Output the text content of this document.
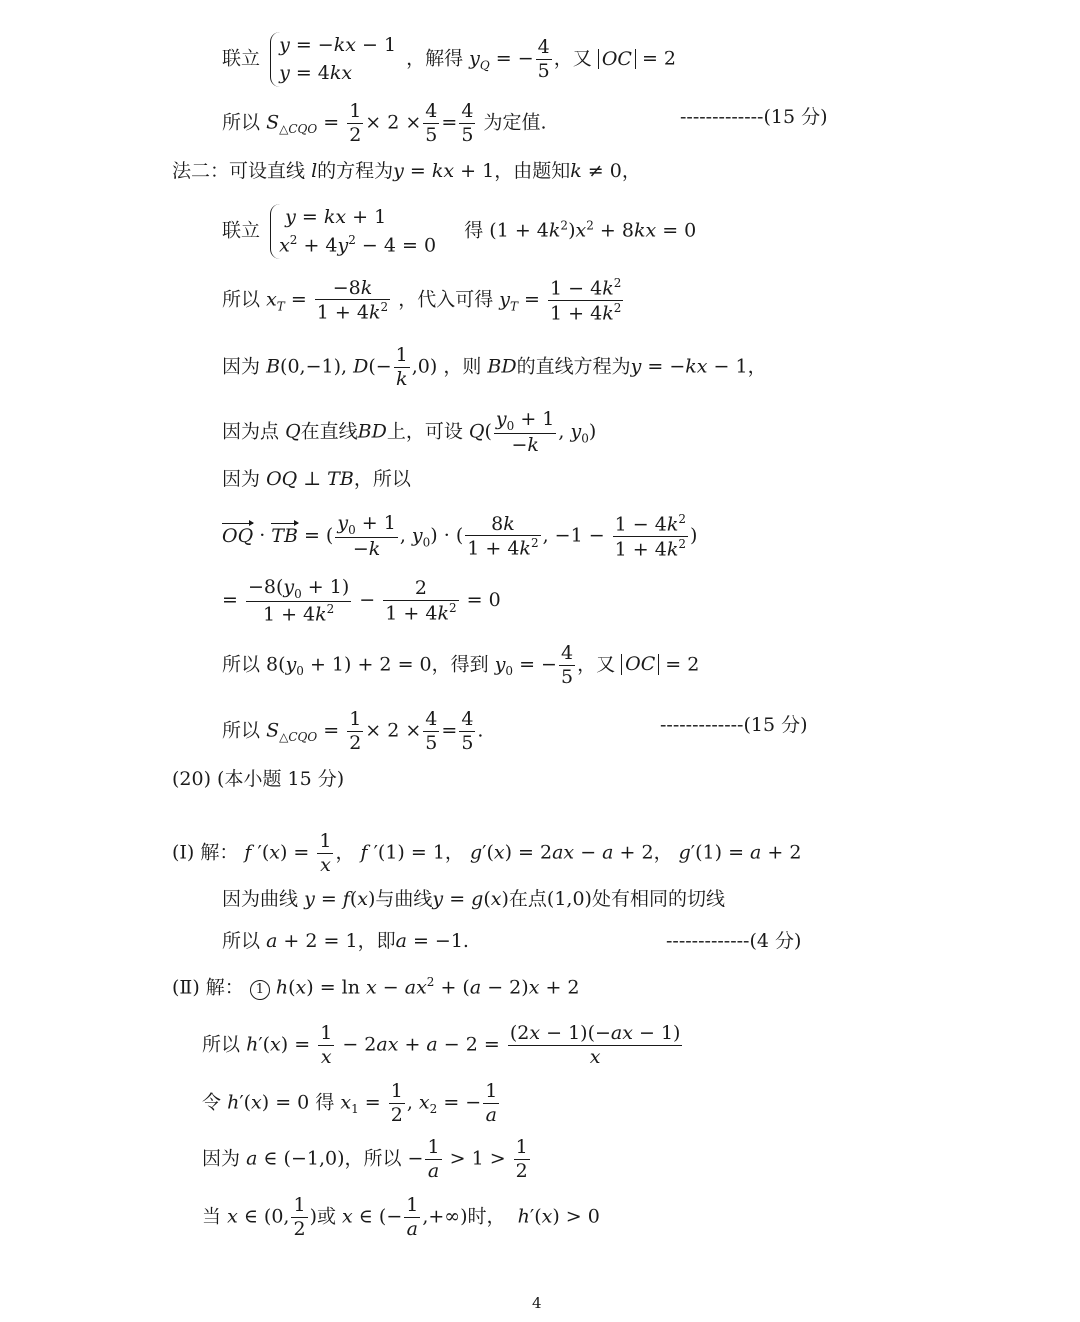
联立
y = −kx − 1
y = 4kx
，解得 $y_Q$ = − $\frac{4}{5}$ ，又 OC = 2
所以 $S_{\triangle CQO} = \frac{1}{2} \times 2 \times \frac{4}{5} = \frac{4}{5}$ 为定值.	-------------(15 分)
法二：可设直线 l的方程为y = kx + 1，由题知k ≠ 0，
联立
y = kx + 1
$x^2 + 4y^2 - 4 = 0$
得 $(1 + 4k^2)x^2 + 8kx = 0$
所以 $x_T = \frac{-8k}{1 + 4k^2}$ ，代入可得 $y_T = \frac{1 - 4k^2}{1 + 4k^2}$
因为 B(0,−1), $D(- \frac{1}{k} ,0)$ ，则 BD的直线方程为y = −kx − 1，
因为点 Q在直线BD上，可设 $Q( \frac{y_0 + 1}{-k}$ , $y_0$)
因为 OQ ⊥ TB，所以
OQ · TB = ( $\frac{y_0 + 1}{-k}$ , $y_0$) · ( $\frac{8k}{1 + 4k^2}$ , $-1 - \frac{1 - 4k^2}{1 + 4k^2}$ )
= $\frac{-8(y_0 + 1)}{1 + 4k^2} - \frac{2}{1 + 4k^2} = 0$
所以 $8(y_0 + 1) + 2 = 0$，得到 $y_0$ = − $\frac{4}{5}$ ，又 OC = 2
所以 $S_{\triangle CQO} = \frac{1}{2} \times 2 \times \frac{4}{5} = \frac{4}{5}$ .	-------------(15 分)
(20) (本小题 15 分)
(Ⅰ) 解： f $'(x) = \frac{1}{x}$ ， f ′(1) = 1， g′(x) = 2ax − a + 2， g′(1) = a + 2
因为曲线 y = f(x)与曲线y = g(x)在点(1,0)处有相同的切线
所以 a + 2 = 1，即a = −1.	-------------(4 分)
(Ⅱ) 解： 1 $h(x) = \ln x - ax^2 + (a - 2)x + 2$
所以 $h'(x) = \frac{1}{x} - 2ax + a - 2 = \frac{(2x - 1)(-ax - 1)}{x}$
令 h′(x) = 0 得 $x_1 = \frac{1}{2}$ , $x_2$ = − $\frac{1}{a}$
因为 a ∈ (−1,0)，所以 − $\frac{1}{a} > 1 > \frac{1}{2}$
当 x ∈ (0, $\frac{1}{2}$ )或 x ∈ (− $\frac{1}{a}$ ,+∞)时， h′(x) > 0
4
